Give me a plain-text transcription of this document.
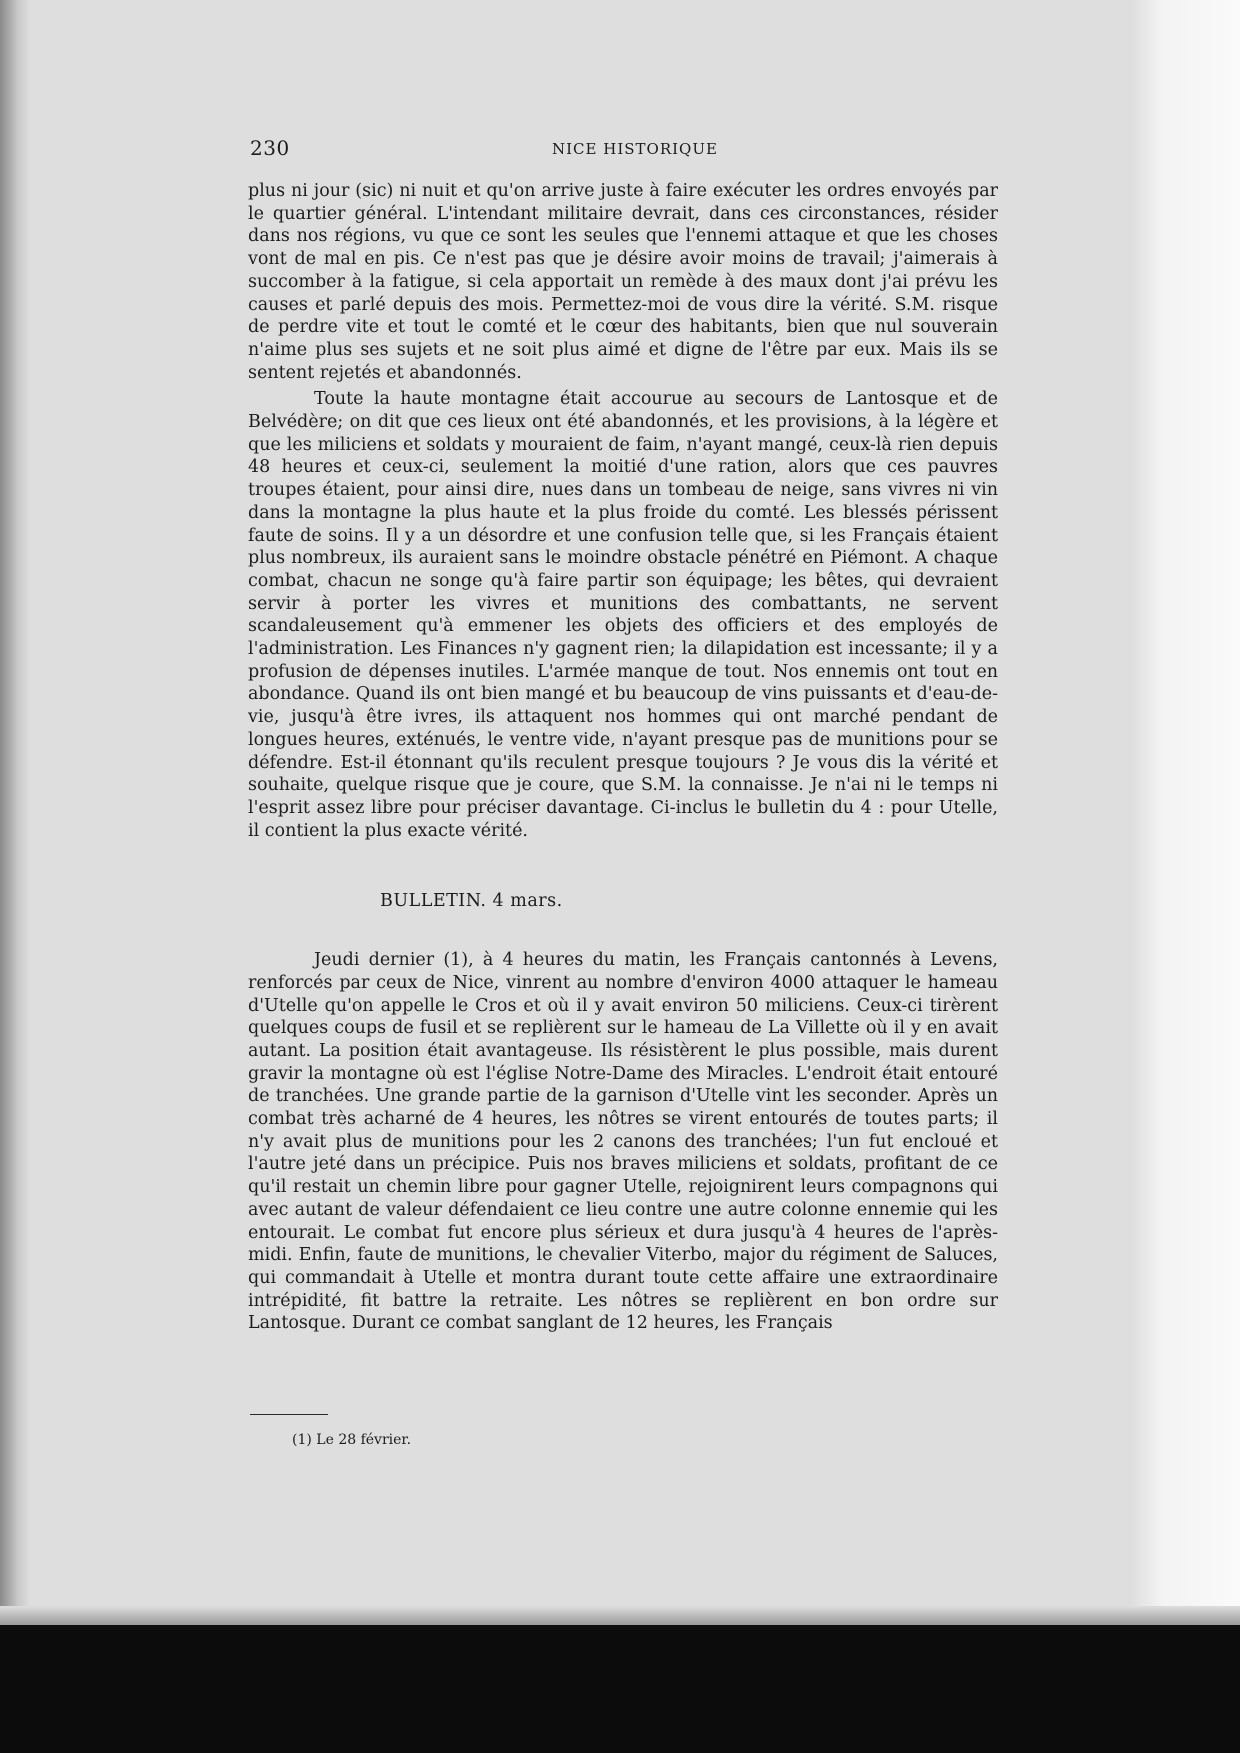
230	NICE HISTORIQUE

plus ni jour (sic) ni nuit et qu'on arrive juste à faire exécuter les ordres envoyés par le quartier général. L'intendant militaire devrait, dans ces circonstances, résider dans nos régions, vu que ce sont les seules que l'ennemi attaque et que les choses vont de mal en pis. Ce n'est pas que je désire avoir moins de travail; j'aimerais à succomber à la fatigue, si cela apportait un remède à des maux dont j'ai prévu les causes et parlé depuis des mois. Permettez-moi de vous dire la vérité. S.M. risque de perdre vite et tout le comté et le cœur des habitants, bien que nul souverain n'aime plus ses sujets et ne soit plus aimé et digne de l'être par eux. Mais ils se sentent rejetés et abandonnés.

Toute la haute montagne était accourue au secours de Lantosque et de Belvédère; on dit que ces lieux ont été abandonnés, et les provisions, à la légère et que les miliciens et soldats y mouraient de faim, n'ayant mangé, ceux-là rien depuis 48 heures et ceux-ci, seulement la moitié d'une ration, alors que ces pauvres troupes étaient, pour ainsi dire, nues dans un tombeau de neige, sans vivres ni vin dans la montagne la plus haute et la plus froide du comté. Les blessés périssent faute de soins. Il y a un désordre et une confusion telle que, si les Français étaient plus nombreux, ils auraient sans le moindre obstacle pénétré en Piémont. A chaque combat, chacun ne songe qu'à faire partir son équipage; les bêtes, qui devraient servir à porter les vivres et munitions des combattants, ne servent scandaleusement qu'à emmener les objets des officiers et des employés de l'administration. Les Finances n'y gagnent rien; la dilapidation est incessante; il y a profusion de dépenses inutiles. L'armée manque de tout. Nos ennemis ont tout en abondance. Quand ils ont bien mangé et bu beaucoup de vins puissants et d'eau-de-vie, jusqu'à être ivres, ils attaquent nos hommes qui ont marché pendant de longues heures, exténués, le ventre vide, n'ayant presque pas de munitions pour se défendre. Est-il étonnant qu'ils reculent presque toujours ? Je vous dis la vérité et souhaite, quelque risque que je coure, que S.M. la connaisse. Je n'ai ni le temps ni l'esprit assez libre pour préciser davantage. Ci-inclus le bulletin du 4 : pour Utelle, il contient la plus exacte vérité.

BULLETIN. 4 mars.

Jeudi dernier (1), à 4 heures du matin, les Français cantonnés à Levens, renforcés par ceux de Nice, vinrent au nombre d'environ 4000 attaquer le hameau d'Utelle qu'on appelle le Cros et où il y avait environ 50 miliciens. Ceux-ci tirèrent quelques coups de fusil et se replièrent sur le hameau de La Villette où il y en avait autant. La position était avantageuse. Ils résistèrent le plus possible, mais durent gravir la montagne où est l'église Notre-Dame des Miracles. L'endroit était entouré de tranchées. Une grande partie de la garnison d'Utelle vint les seconder. Après un combat très acharné de 4 heures, les nôtres se virent entourés de toutes parts; il n'y avait plus de munitions pour les 2 canons des tranchées; l'un fut encloué et l'autre jeté dans un précipice. Puis nos braves miliciens et soldats, profitant de ce qu'il restait un chemin libre pour gagner Utelle, rejoignirent leurs compagnons qui avec autant de valeur défendaient ce lieu contre une autre colonne ennemie qui les entourait. Le combat fut encore plus sérieux et dura jusqu'à 4 heures de l'après-midi. Enfin, faute de munitions, le chevalier Viterbo, major du régiment de Saluces, qui commandait à Utelle et montra durant toute cette affaire une extraordinaire intrépidité, fit battre la retraite. Les nôtres se replièrent en bon ordre sur Lantosque. Durant ce combat sanglant de 12 heures, les Français

(1) Le 28 février.
